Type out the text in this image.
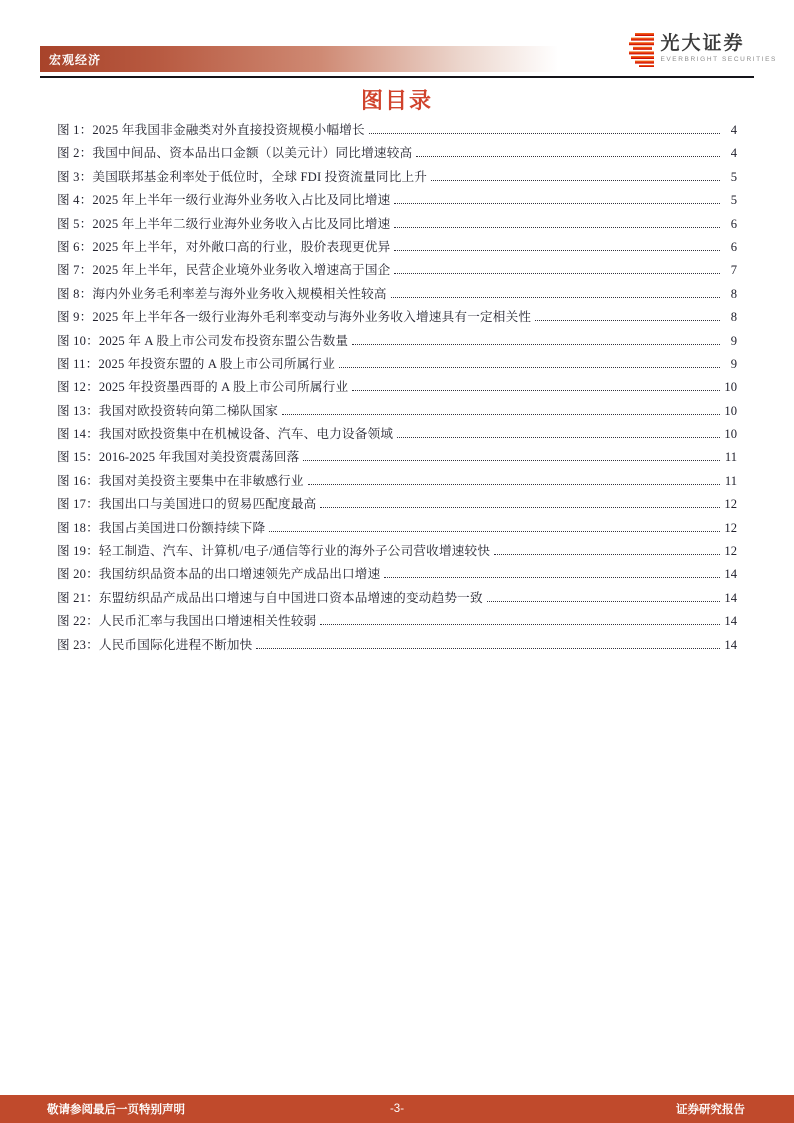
宏观经济
光大证券
EVERBRIGHT SECURITIES
图目录
图 1：2025 年我国非金融类对外直接投资规模小幅增长	4
图 2：我国中间品、资本品出口金额（以美元计）同比增速较高	4
图 3：美国联邦基金利率处于低位时，全球 FDI 投资流量同比上升	5
图 4：2025 年上半年一级行业海外业务收入占比及同比增速	5
图 5：2025 年上半年二级行业海外业务收入占比及同比增速	6
图 6：2025 年上半年，对外敞口高的行业，股价表现更优异	6
图 7：2025 年上半年，民营企业境外业务收入增速高于国企	7
图 8：海内外业务毛利率差与海外业务收入规模相关性较高	8
图 9：2025 年上半年各一级行业海外毛利率变动与海外业务收入增速具有一定相关性	8
图 10：2025 年 A 股上市公司发布投资东盟公告数量	9
图 11：2025 年投资东盟的 A 股上市公司所属行业	9
图 12：2025 年投资墨西哥的 A 股上市公司所属行业	10
图 13：我国对欧投资转向第二梯队国家	10
图 14：我国对欧投资集中在机械设备、汽车、电力设备领域	10
图 15：2016-2025 年我国对美投资震荡回落	11
图 16：我国对美投资主要集中在非敏感行业	11
图 17：我国出口与美国进口的贸易匹配度最高	12
图 18：我国占美国进口份额持续下降	12
图 19：轻工制造、汽车、计算机/电子/通信等行业的海外子公司营收增速较快	12
图 20：我国纺织品资本品的出口增速领先产成品出口增速	14
图 21：东盟纺织品产成品出口增速与自中国进口资本品增速的变动趋势一致	14
图 22：人民币汇率与我国出口增速相关性较弱	14
图 23：人民币国际化进程不断加快	14
敬请参阅最后一页特别声明	-3-	证券研究报告
